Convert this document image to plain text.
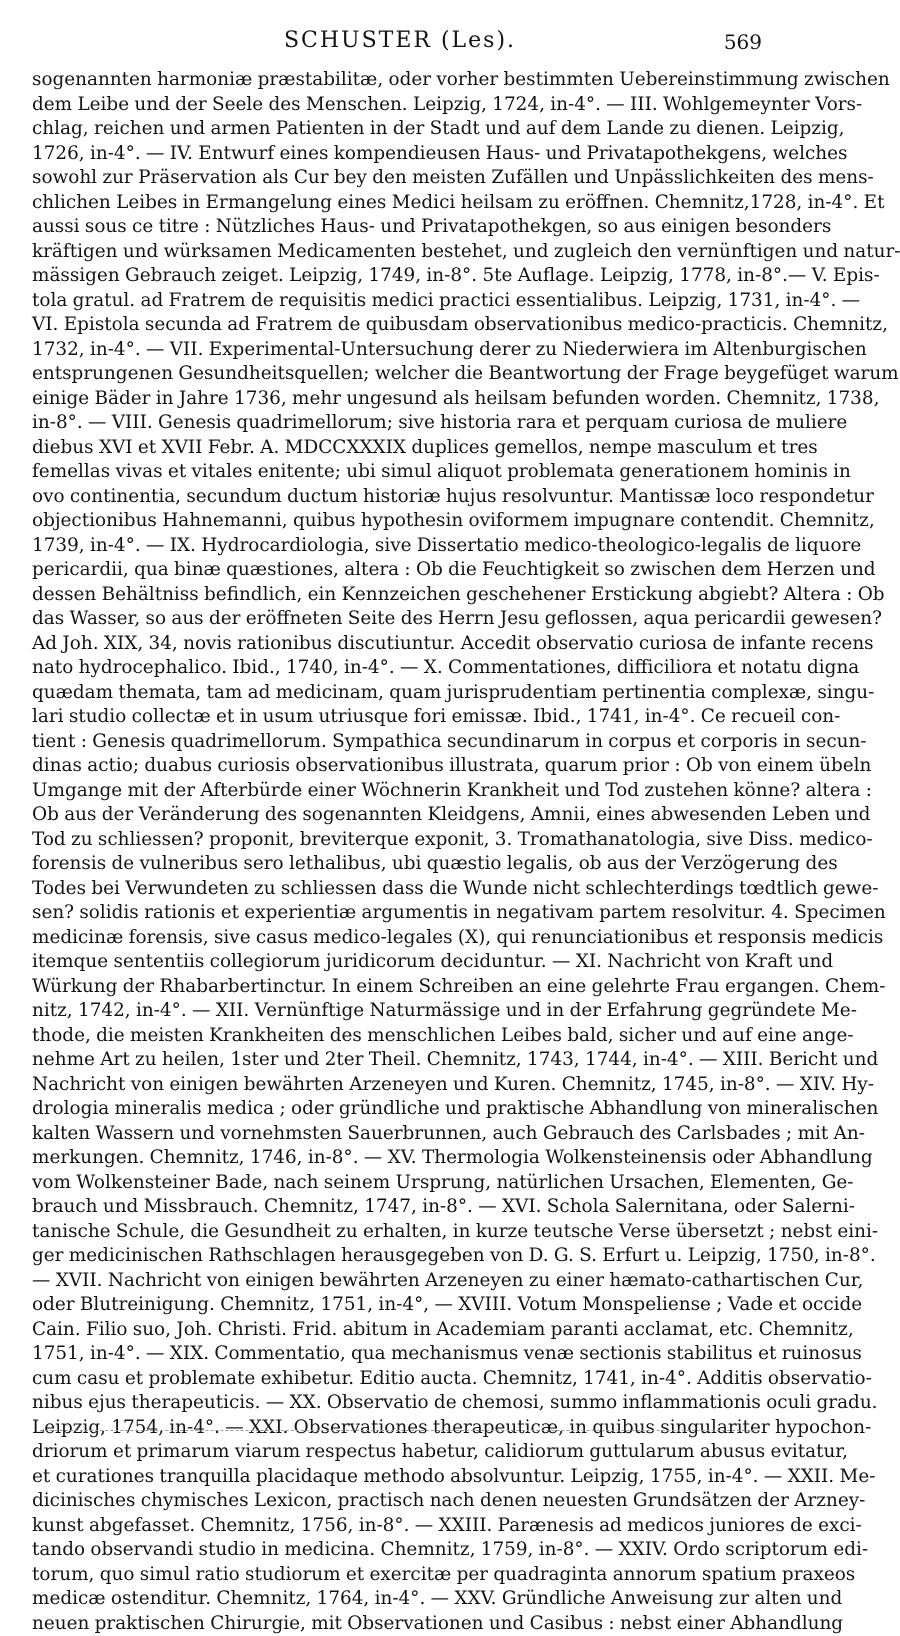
SCHUSTER (Les).	569
sogenannten harmoniæ præstabilitæ, oder vorher bestimmten Uebereinstimmung zwischen
dem Leibe und der Seele des Menschen. Leipzig, 1724, in-4°. — III. Wohlgemeynter Vors-
chlag, reichen und armen Patienten in der Stadt und auf dem Lande zu dienen. Leipzig,
1726, in-4°. — IV. Entwurf eines kompendieusen Haus- und Privatapothekgens, welches
sowohl zur Präservation als Cur bey den meisten Zufällen und Unpässlichkeiten des mens-
chlichen Leibes in Ermangelung eines Medici heilsam zu eröffnen. Chemnitz,1728, in-4°. Et
aussi sous ce titre : Nützliches Haus- und Privatapothekgen, so aus einigen besonders
kräftigen und würksamen Medicamenten bestehet, und zugleich den vernünftigen und natur-
mässigen Gebrauch zeiget. Leipzig, 1749, in-8°. 5te Auflage. Leipzig, 1778, in-8°.— V. Epis-
tola gratul. ad Fratrem de requisitis medici practici essentialibus. Leipzig, 1731, in-4°. —
VI. Epistola secunda ad Fratrem de quibusdam observationibus medico-practicis. Chemnitz,
1732, in-4°. — VII. Experimental-Untersuchung derer zu Niederwiera im Altenburgischen
entsprungenen Gesundheitsquellen; welcher die Beantwortung der Frage beygefüget warum
einige Bäder in Jahre 1736, mehr ungesund als heilsam befunden worden. Chemnitz, 1738,
in-8°. — VIII. Genesis quadrimellorum; sive historia rara et perquam curiosa de muliere
diebus XVI et XVII Febr. A. MDCCXXXIX duplices gemellos, nempe masculum et tres
femellas vivas et vitales enitente; ubi simul aliquot problemata generationem hominis in
ovo continentia, secundum ductum historiæ hujus resolvuntur. Mantissæ loco respondetur
objectionibus Hahnemanni, quibus hypothesin oviformem impugnare contendit. Chemnitz,
1739, in-4°. — IX. Hydrocardiologia, sive Dissertatio medico-theologico-legalis de liquore
pericardii, qua binæ quæstiones, altera : Ob die Feuchtigkeit so zwischen dem Herzen und
dessen Behältniss befindlich, ein Kennzeichen geschehener Erstickung abgiebt? Altera : Ob
das Wasser, so aus der eröffneten Seite des Herrn Jesu geflossen, aqua pericardii gewesen?
Ad Joh. XIX, 34, novis rationibus discutiuntur. Accedit observatio curiosa de infante recens
nato hydrocephalico. Ibid., 1740, in-4°. — X. Commentationes, difficiliora et notatu digna
quædam themata, tam ad medicinam, quam jurisprudentiam pertinentia complexæ, singu-
lari studio collectæ et in usum utriusque fori emissæ. Ibid., 1741, in-4°. Ce recueil con-
tient : Genesis quadrimellorum. Sympathica secundinarum in corpus et corporis in secun-
dinas actio; duabus curiosis observationibus illustrata, quarum prior : Ob von einem übeln
Umgange mit der Afterbürde einer Wöchnerin Krankheit und Tod zustehen könne? altera :
Ob aus der Veränderung des sogenannten Kleidgens, Amnii, eines abwesenden Leben und
Tod zu schliessen? proponit, breviterque exponit, 3. Tromathanatologia, sive Diss. medico-
forensis de vulneribus sero lethalibus, ubi quæstio legalis, ob aus der Verzögerung des
Todes bei Verwundeten zu schliessen dass die Wunde nicht schlechterdings tœdtlich gewe-
sen? solidis rationis et experientiæ argumentis in negativam partem resolvitur. 4. Specimen
medicinæ forensis, sive casus medico-legales (X), qui renunciationibus et responsis medicis
itemque sententiis collegiorum juridicorum deciduntur. — XI. Nachricht von Kraft und
Würkung der Rhabarbertinctur. In einem Schreiben an eine gelehrte Frau ergangen. Chem-
nitz, 1742, in-4°. — XII. Vernünftige Naturmässige und in der Erfahrung gegründete Me-
thode, die meisten Krankheiten des menschlichen Leibes bald, sicher und auf eine ange-
nehme Art zu heilen, 1ster und 2ter Theil. Chemnitz, 1743, 1744, in-4°. — XIII. Bericht und
Nachricht von einigen bewährten Arzeneyen und Kuren. Chemnitz, 1745, in-8°. — XIV. Hy-
drologia mineralis medica ; oder gründliche und praktische Abhandlung von mineralischen
kalten Wassern und vornehmsten Sauerbrunnen, auch Gebrauch des Carlsbades ; mit An-
merkungen. Chemnitz, 1746, in-8°. — XV. Thermologia Wolkensteinensis oder Abhandlung
vom Wolkensteiner Bade, nach seinem Ursprung, natürlichen Ursachen, Elementen, Ge-
brauch und Missbrauch. Chemnitz, 1747, in-8°. — XVI. Schola Salernitana, oder Salerni-
tanische Schule, die Gesundheit zu erhalten, in kurze teutsche Verse übersetzt ; nebst eini-
ger medicinischen Rathschlagen herausgegeben von D. G. S. Erfurt u. Leipzig, 1750, in-8°.
— XVII. Nachricht von einigen bewährten Arzeneyen zu einer hæmato-cathartischen Cur,
oder Blutreinigung. Chemnitz, 1751, in-4°, — XVIII. Votum Monspeliense ; Vade et occide
Cain. Filio suo, Joh. Christi. Frid. abitum in Academiam paranti acclamat, etc. Chemnitz,
1751, in-4°. — XIX. Commentatio, qua mechanismus venæ sectionis stabilitus et ruinosus
cum casu et problemate exhibetur. Editio aucta. Chemnitz, 1741, in-4°. Additis observatio-
nibus ejus therapeuticis. — XX. Observatio de chemosi, summo inflammationis oculi gradu.
Leipzig, 1754, in-4°. — XXI. Observationes therapeuticæ, in quibus singulariter hypochon-
driorum et primarum viarum respectus habetur, calidiorum guttularum abusus evitatur,
et curationes tranquilla placidaque methodo absolvuntur. Leipzig, 1755, in-4°. — XXII. Me-
dicinisches chymisches Lexicon, practisch nach denen neuesten Grundsätzen der Arzney-
kunst abgefasset. Chemnitz, 1756, in-8°. — XXIII. Parænesis ad medicos juniores de exci-
tando observandi studio in medicina. Chemnitz, 1759, in-8°. — XXIV. Ordo scriptorum edi-
torum, quo simul ratio studiorum et exercitæ per quadraginta annorum spatium praxeos
medicæ ostenditur. Chemnitz, 1764, in-4°. — XXV. Gründliche Anweisung zur alten und
neuen praktischen Chirurgie, mit Observationen und Casibus : nebst einer Abhandlung
